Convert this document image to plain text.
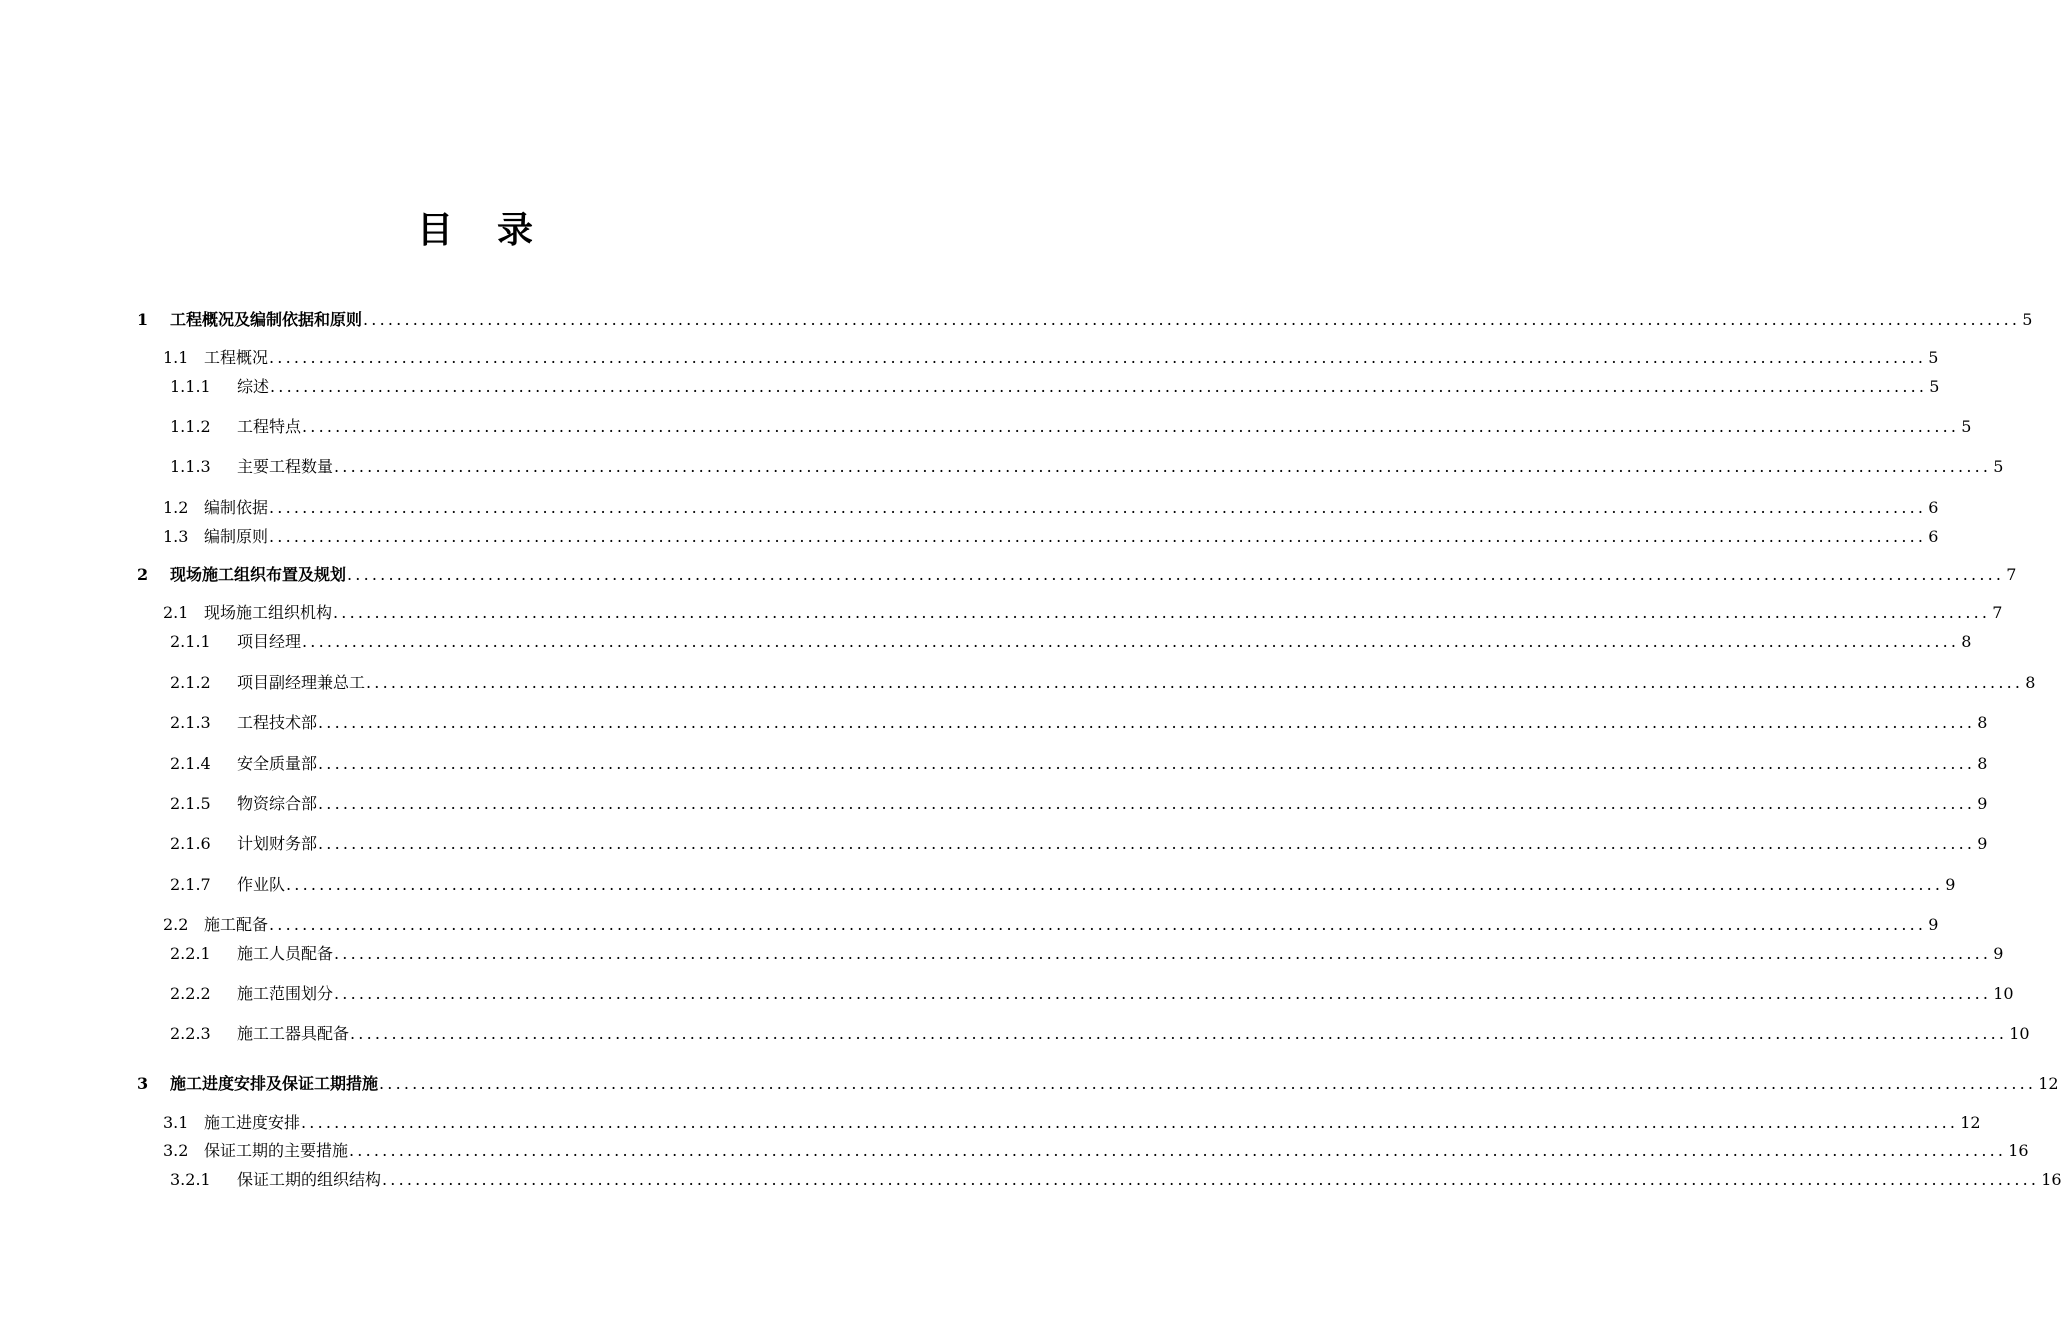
目 录
1	工程概况及编制依据和原则 ........................................................................................................................................................................................................ 5
1.1 工程概况 ........................................................................................................................................................................................................ 5
1.1.1	综述 ........................................................................................................................................................................................................ 5
1.1.2	工程特点 ........................................................................................................................................................................................................ 5
1.1.3	主要工程数量 ........................................................................................................................................................................................................ 5
1.2 编制依据 ........................................................................................................................................................................................................ 6
1.3 编制原则 ........................................................................................................................................................................................................ 6
2	现场施工组织布置及规划 ........................................................................................................................................................................................................ 7
2.1 现场施工组织机构 ........................................................................................................................................................................................................ 7
2.1.1	项目经理 ........................................................................................................................................................................................................ 8
2.1.2	项目副经理兼总工 ........................................................................................................................................................................................................ 8
2.1.3	工程技术部 ........................................................................................................................................................................................................ 8
2.1.4	安全质量部 ........................................................................................................................................................................................................ 8
2.1.5	物资综合部 ........................................................................................................................................................................................................ 9
2.1.6	计划财务部 ........................................................................................................................................................................................................ 9
2.1.7	作业队 ........................................................................................................................................................................................................ 9
2.2 施工配备 ........................................................................................................................................................................................................ 9
2.2.1	施工人员配备 ........................................................................................................................................................................................................ 9
2.2.2	施工范围划分 ........................................................................................................................................................................................................ 10
2.2.3	施工工器具配备 ........................................................................................................................................................................................................ 10
3	施工进度安排及保证工期措施 ........................................................................................................................................................................................................ 12
3.1 施工进度安排 ........................................................................................................................................................................................................ 12
3.2 保证工期的主要措施 ........................................................................................................................................................................................................ 16
3.2.1	保证工期的组织结构 ........................................................................................................................................................................................................ 16
